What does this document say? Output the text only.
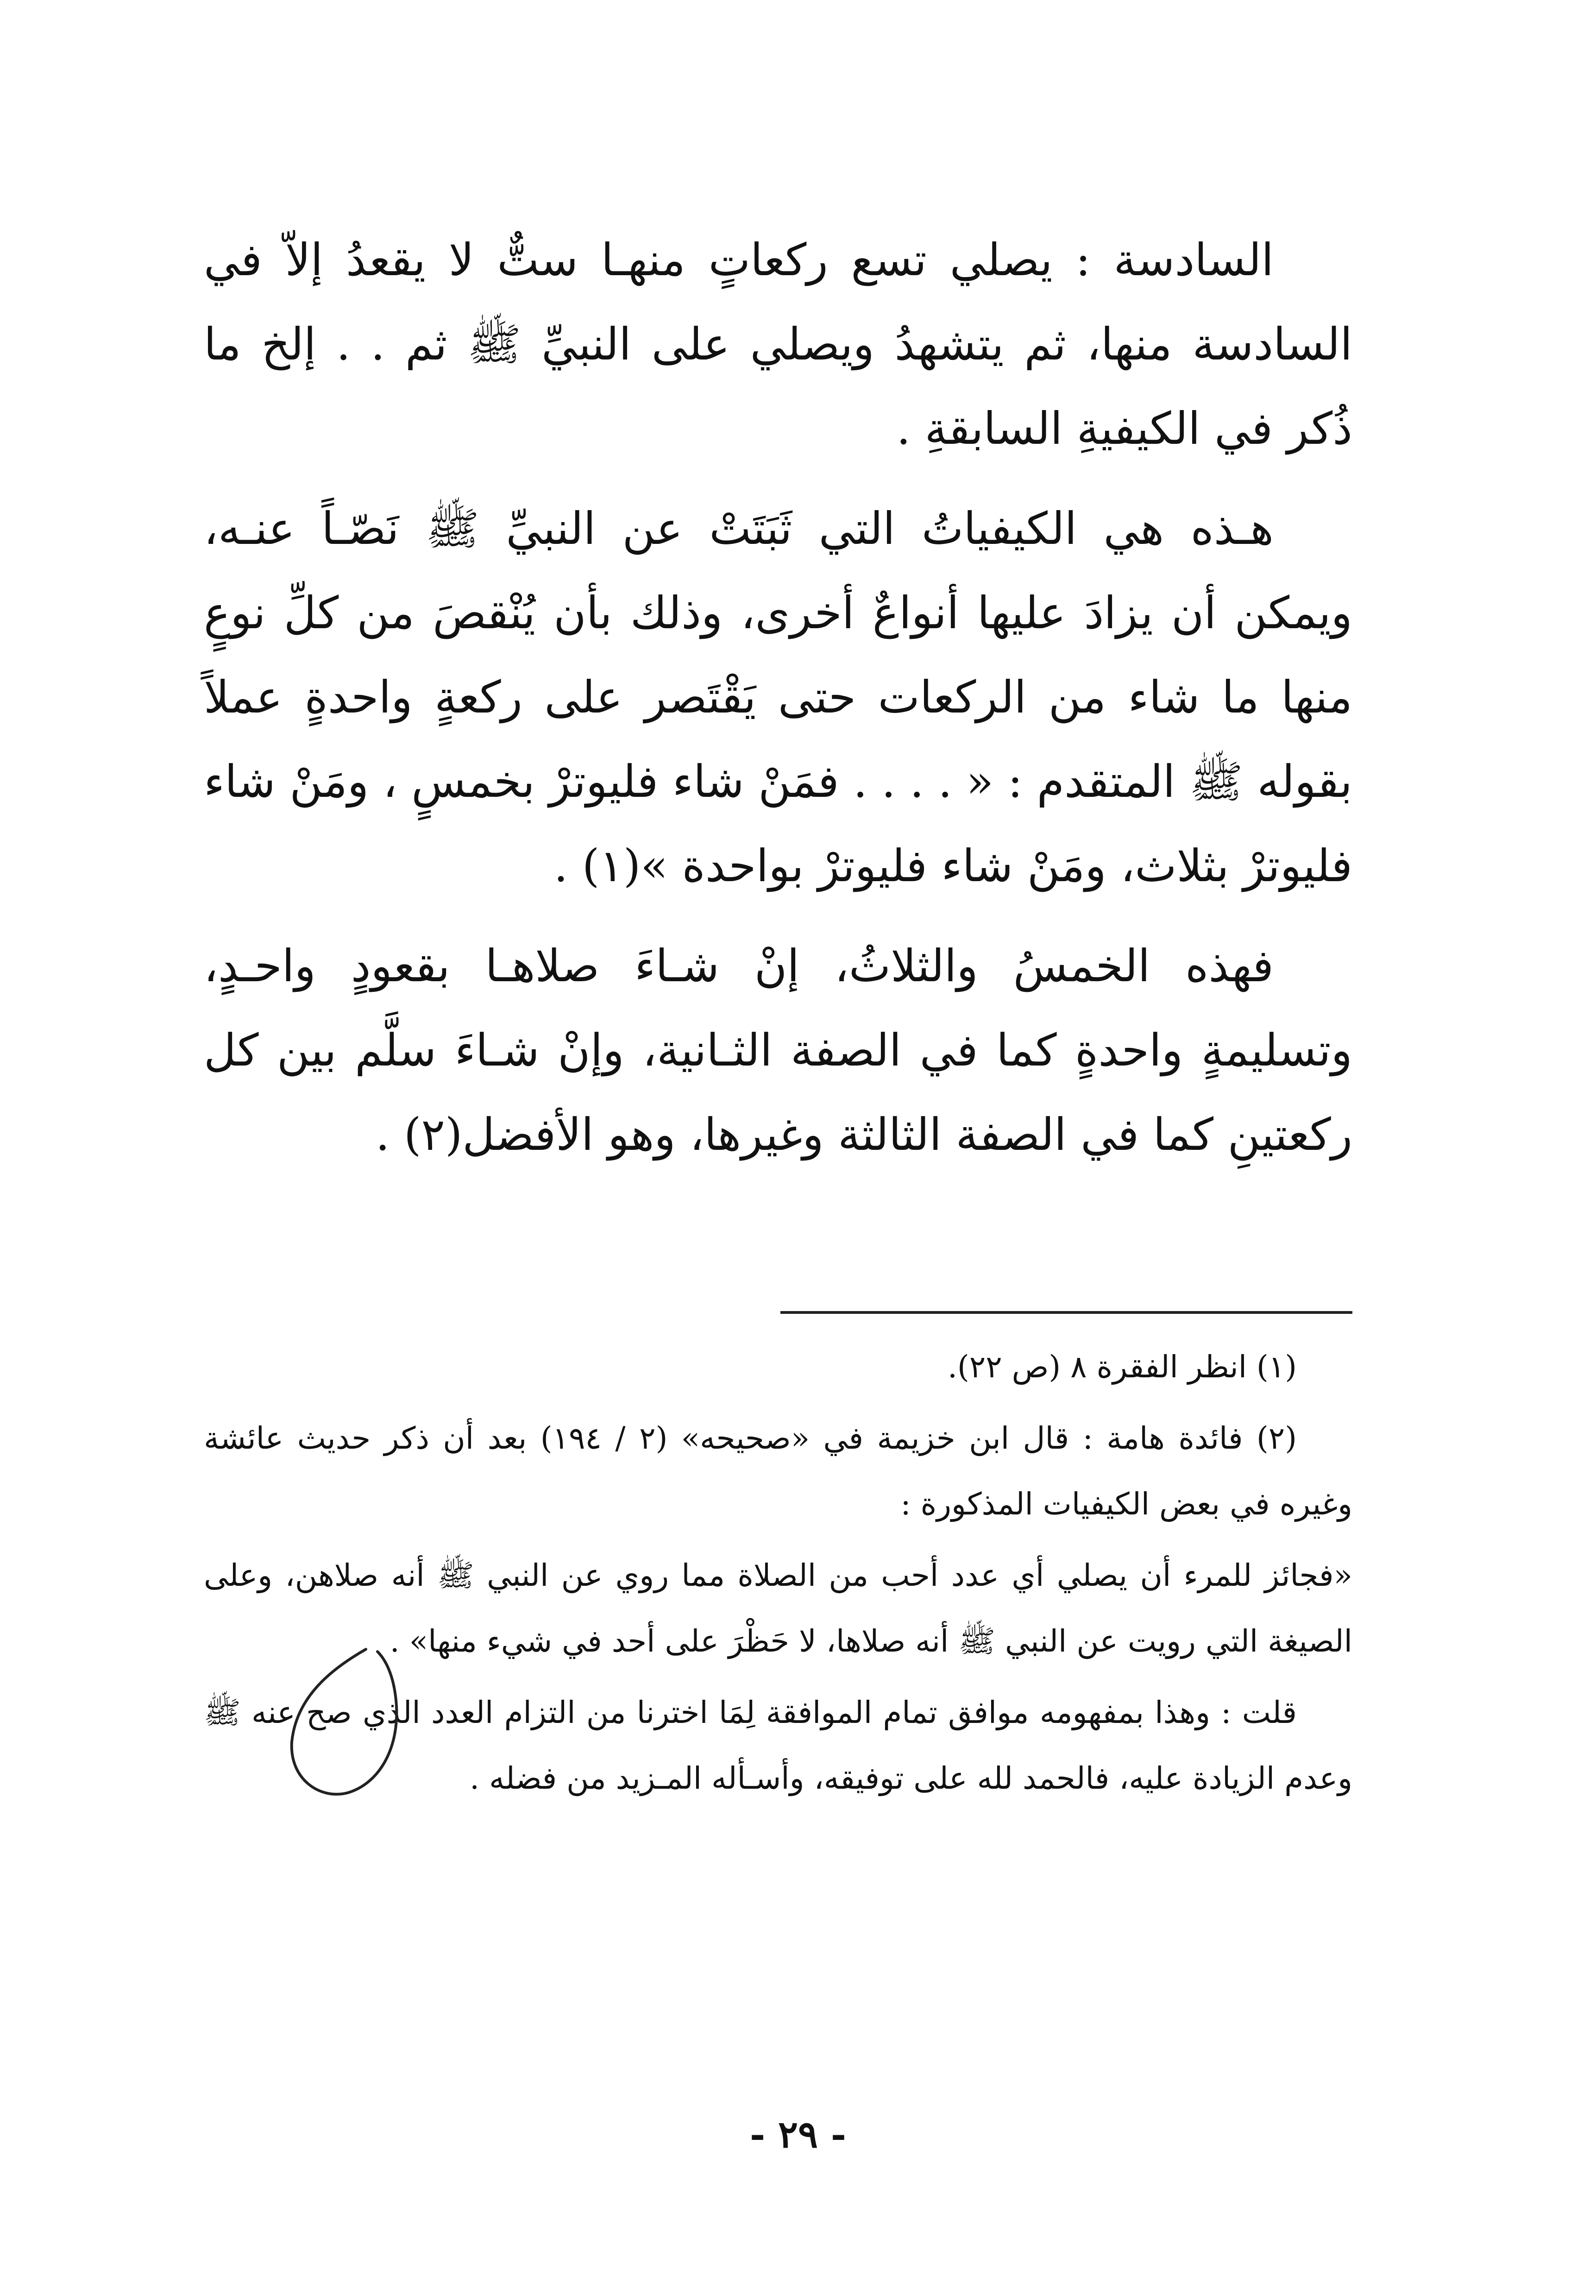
السادسة : يصلي تسع ركعاتٍ منهـا ستٌّ لا يقعدُ إلاّ في السادسة منها، ثم يتشهدُ ويصلي على النبيِّ ﷺ ثم . . إلخ ما ذُكر في الكيفيةِ السابقةِ .

هـذه هي الكيفياتُ التي ثَبَتَتْ عن النبيِّ ﷺ نَصّـاً عنـه، ويمكن أن يزادَ عليها أنواعٌ أخرى، وذلك بأن يُنْقصَ من كلِّ نوعٍ منها ما شاء من الركعات حتى يَقْتَصر على ركعةٍ واحدةٍ عملاً بقوله ﷺ المتقدم : « . . . . فمَنْ شاء فليوترْ بخمسٍ ، ومَنْ شاء فليوترْ بثلاث، ومَنْ شاء فليوترْ بواحدة »(١) .

فهذه الخمسُ والثلاثُ، إنْ شـاءَ صلاهـا بقعودٍ واحـدٍ، وتسليمةٍ واحدةٍ كما في الصفة الثـانية، وإنْ شـاءَ سلَّم بين كل ركعتينِ كما في الصفة الثالثة وغيرها، وهو الأفضل(٢) .

(١) انظر الفقرة ٨ (ص ٢٢).

(٢) فائدة هامة : قال ابن خزيمة في «صحيحه» (٢ / ١٩٤) بعد أن ذكر حديث عائشة وغيره في بعض الكيفيات المذكورة :

«فجائز للمرء أن يصلي أي عدد أحب من الصلاة مما روي عن النبي ﷺ أنه صلاهن، وعلى الصيغة التي رويت عن النبي ﷺ أنه صلاها، لا حَظْرَ على أحد في شيء منها» .

قلت : وهذا بمفهومه موافق تمام الموافقة لِمَا اخترنا من التزام العدد الذي صح عنه ﷺ وعدم الزيادة عليه، فالحمد لله على توفيقه، وأسـأله المـزيد من فضله .

- ٢٩ -
